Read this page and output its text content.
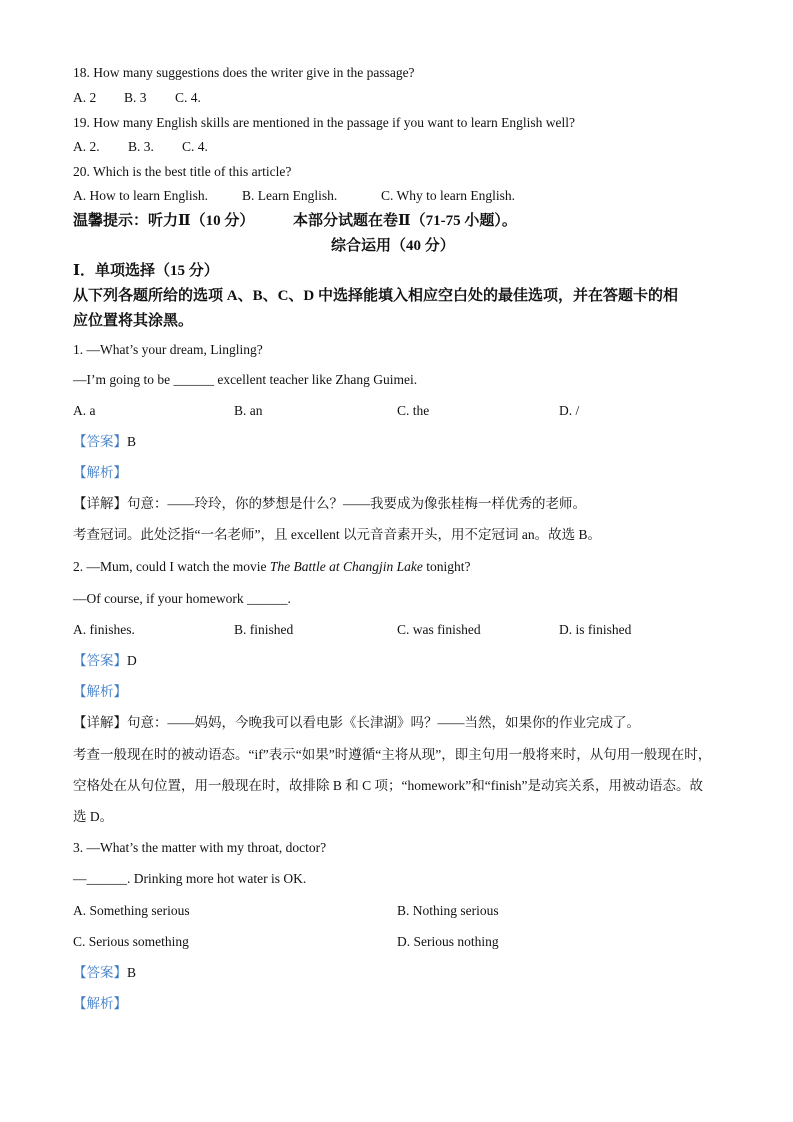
18. How many suggestions does the writer give in the passage?
A. 2 B. 3 C. 4.
19. How many English skills are mentioned in the passage if you want to learn English well?
A. 2. B. 3. C. 4.
20. Which is the best title of this article?
A. How to learn English.	B. Learn English.	C. Why to learn English.
温馨提示：听力Ⅱ（10 分）	本部分试题在卷Ⅱ（71-75 小题）。
综合运用（40 分）
Ⅰ．单项选择（15 分）
从下列各题所给的选项 A、B、C、D 中选择能填入相应空白处的最佳选项，并在答题卡的相
应位置将其涂黑。
1. —What’s your dream, Lingling?
—I’m going to be ______ excellent teacher like Zhang Guimei.
A. a	B. an	C. the	D. /
【答案】B
【解析】
【详解】句意：——玲玲，你的梦想是什么？——我要成为像张桂梅一样优秀的老师。
考查冠词。此处泛指“一名老师”，且 excellent 以元音音素开头，用不定冠词 an。故选 B。
2. —Mum, could I watch the movie The Battle at Changjin Lake tonight?
—Of course, if your homework ______.
A. finishes.	B. finished	C. was finished	D. is finished
【答案】D
【解析】
【详解】句意：——妈妈，今晚我可以看电影《长津湖》吗？——当然，如果你的作业完成了。
考查一般现在时的被动语态。“if”表示“如果”时遵循“主将从现”，即主句用一般将来时，从句用一般现在时，
空格处在从句位置，用一般现在时，故排除 B 和 C 项；“homework”和“finish”是动宾关系，用被动语态。故
选 D。
3. —What’s the matter with my throat, doctor?
—______. Drinking more hot water is OK.
A. Something serious	B. Nothing serious
C. Serious something	D. Serious nothing
【答案】B
【解析】
